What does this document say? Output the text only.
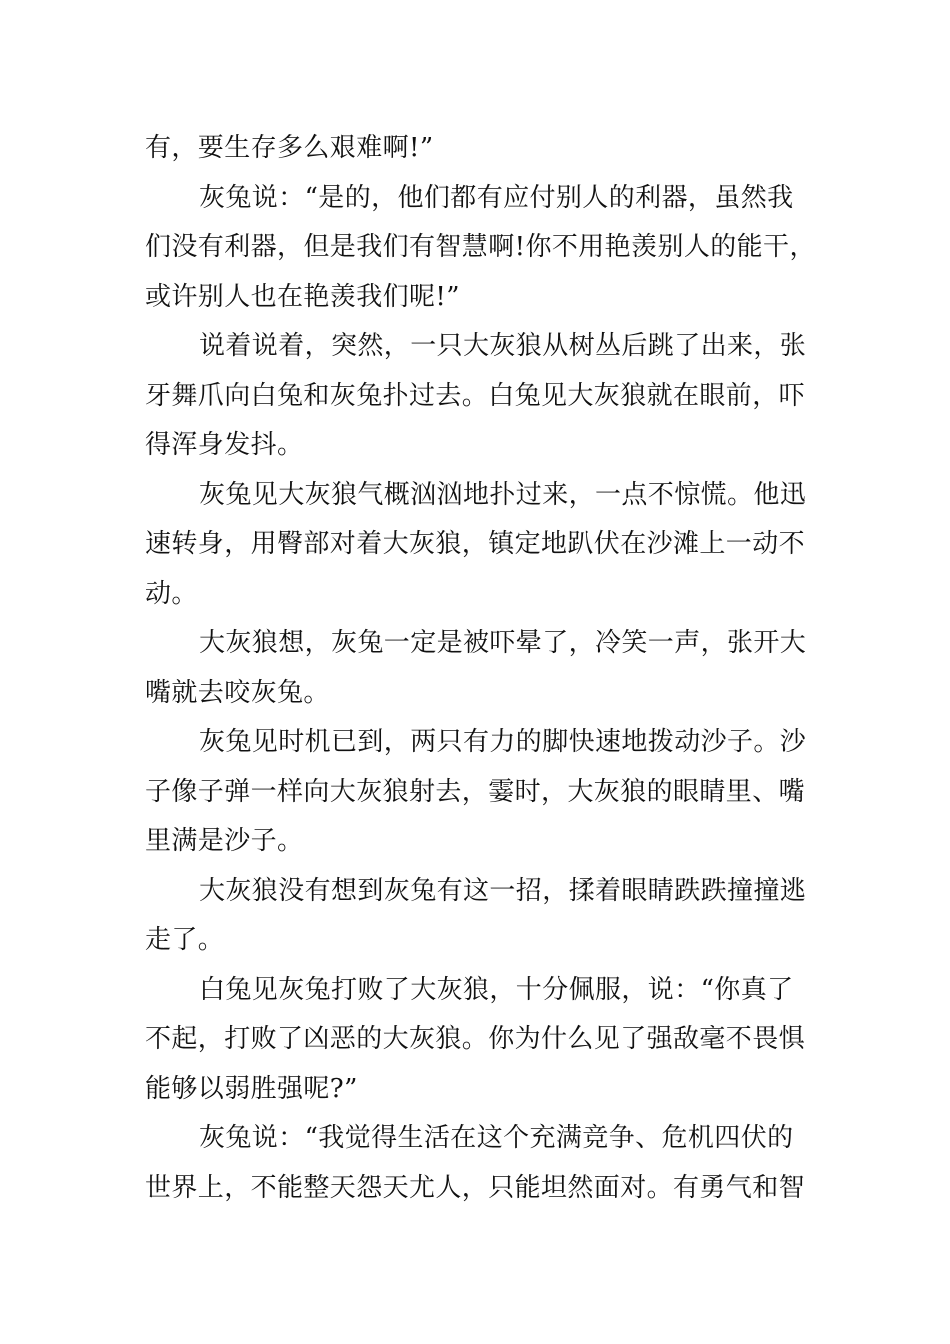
有，要生存多么艰难啊!”
灰兔说：“是的，他们都有应付别人的利器，虽然我
们没有利器，但是我们有智慧啊!你不用艳羡别人的能干，
或许别人也在艳羡我们呢!”
说着说着，突然，一只大灰狼从树丛后跳了出来，张
牙舞爪向白兔和灰兔扑过去。白兔见大灰狼就在眼前，吓
得浑身发抖。
灰兔见大灰狼气概汹汹地扑过来，一点不惊慌。他迅
速转身，用臀部对着大灰狼，镇定地趴伏在沙滩上一动不
动。
大灰狼想，灰兔一定是被吓晕了，冷笑一声，张开大
嘴就去咬灰兔。
灰兔见时机已到，两只有力的脚快速地拨动沙子。沙
子像子弹一样向大灰狼射去，霎时，大灰狼的眼睛里、嘴
里满是沙子。
大灰狼没有想到灰兔有这一招，揉着眼睛跌跌撞撞逃
走了。
白兔见灰兔打败了大灰狼，十分佩服，说：“你真了
不起，打败了凶恶的大灰狼。你为什么见了强敌毫不畏惧
能够以弱胜强呢?”
灰兔说：“我觉得生活在这个充满竞争、危机四伏的
世界上，不能整天怨天尤人，只能坦然面对。有勇气和智
